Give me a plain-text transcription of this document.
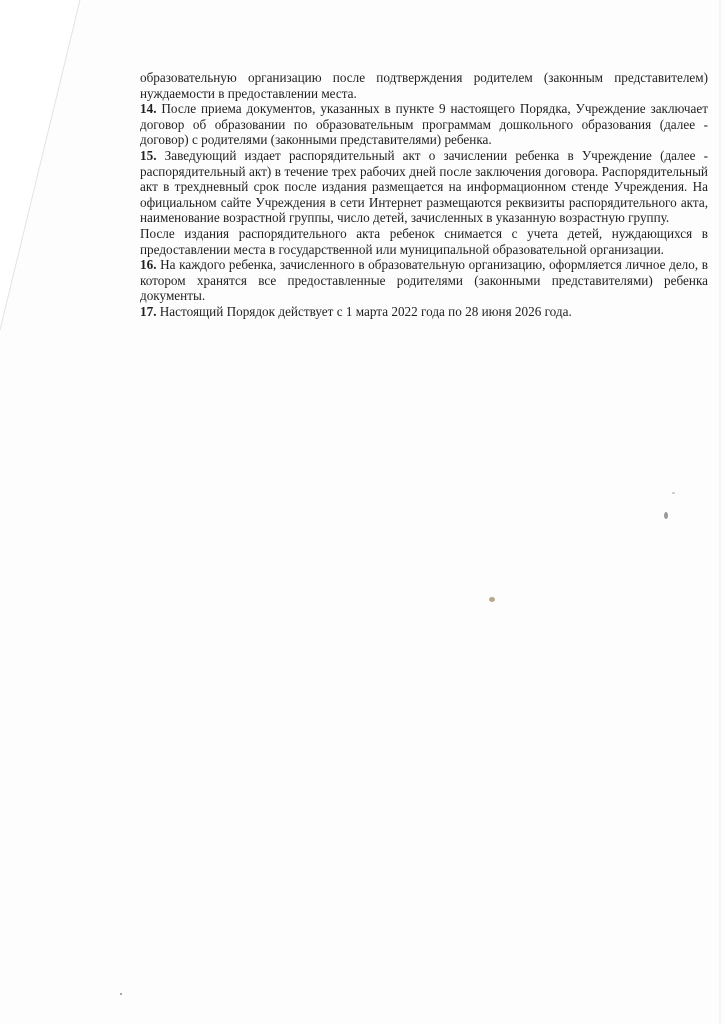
образовательную организацию после подтверждения родителем (законным представителем) нуждаемости в предоставлении места.

14. После приема документов, указанных в пункте 9 настоящего Порядка, Учреждение заключает договор об образовании по образовательным программам дошкольного образования (далее - договор) с родителями (законными представителями) ребенка.

15. Заведующий издает распорядительный акт о зачислении ребенка в Учреждение (далее - распорядительный акт) в течение трех рабочих дней после заключения договора. Распорядительный акт в трехдневный срок после издания размещается на информационном стенде Учреждения. На официальном сайте Учреждения в сети Интернет размещаются реквизиты распорядительного акта, наименование возрастной группы, число детей, зачисленных в указанную возрастную группу.

После издания распорядительного акта ребенок снимается с учета детей, нуждающихся в предоставлении места в государственной или муниципальной образовательной организации.

16. На каждого ребенка, зачисленного в образовательную организацию, оформляется личное дело, в котором хранятся все предоставленные родителями (законными представителями) ребенка документы.

17. Настоящий Порядок действует с 1 марта 2022 года по 28 июня 2026 года.
